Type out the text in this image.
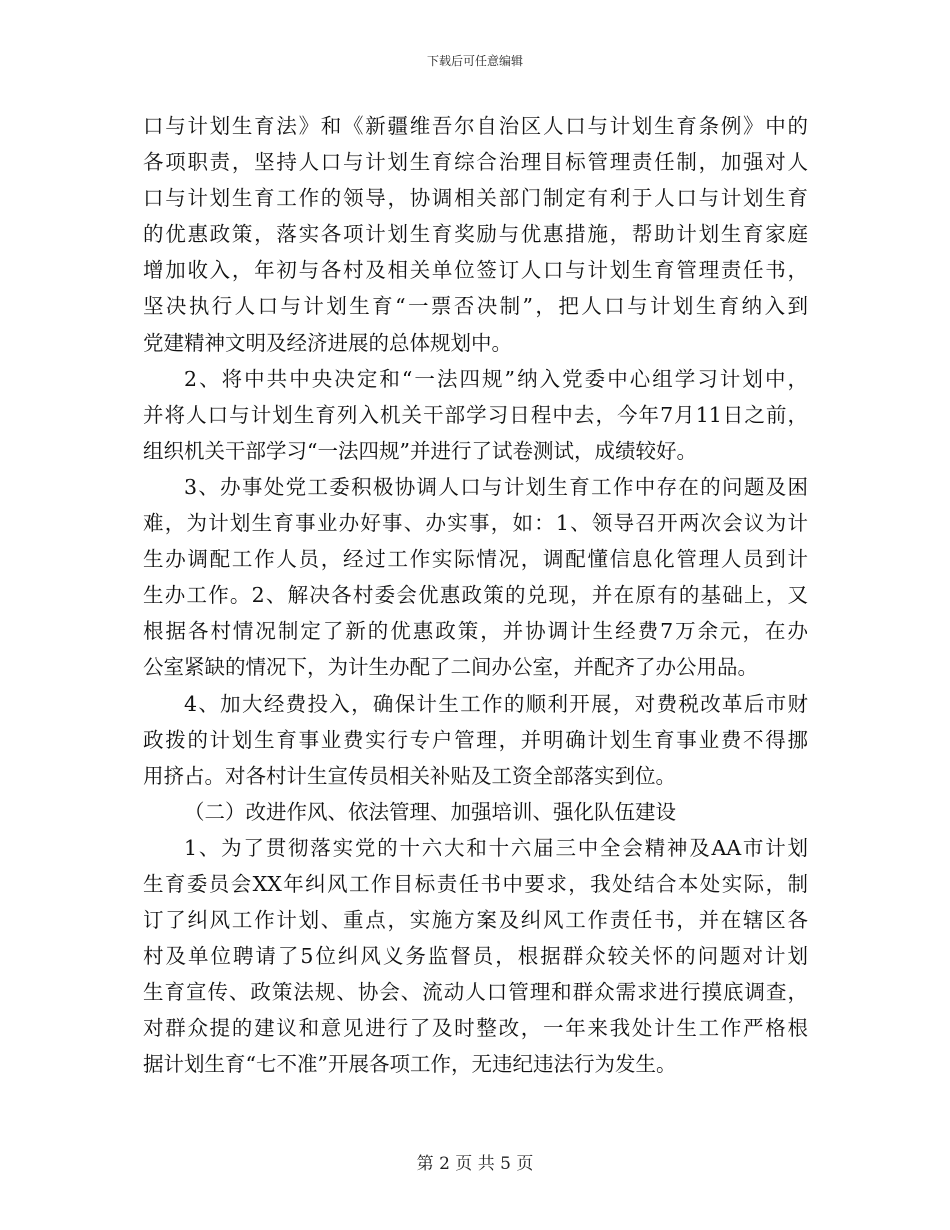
下载后可任意编辑
口与计划生育法》和《新疆维吾尔自治区人口与计划生育条例》中的
各项职责，坚持人口与计划生育综合治理目标管理责任制，加强对人
口与计划生育工作的领导，协调相关部门制定有利于人口与计划生育
的优惠政策，落实各项计划生育奖励与优惠措施，帮助计划生育家庭
增加收入，年初与各村及相关单位签订人口与计划生育管理责任书，
坚决执行人口与计划生育“一票否决制”，把人口与计划生育纳入到
党建精神文明及经济进展的总体规划中。
2、将中共中央决定和“一法四规”纳入党委中心组学习计划中，
并将人口与计划生育列入机关干部学习日程中去，今年7月11日之前，
组织机关干部学习“一法四规”并进行了试卷测试，成绩较好。
3、办事处党工委积极协调人口与计划生育工作中存在的问题及困
难，为计划生育事业办好事、办实事，如：1、领导召开两次会议为计
生办调配工作人员，经过工作实际情况，调配懂信息化管理人员到计
生办工作。2、解决各村委会优惠政策的兑现，并在原有的基础上，又
根据各村情况制定了新的优惠政策，并协调计生经费7万余元，在办
公室紧缺的情况下，为计生办配了二间办公室，并配齐了办公用品。
4、加大经费投入，确保计生工作的顺利开展，对费税改革后市财
政拨的计划生育事业费实行专户管理，并明确计划生育事业费不得挪
用挤占。对各村计生宣传员相关补贴及工资全部落实到位。
（二）改进作风、依法管理、加强培训、强化队伍建设
1、为了贯彻落实党的十六大和十六届三中全会精神及AA市计划
生育委员会XX年纠风工作目标责任书中要求，我处结合本处实际，制
订了纠风工作计划、重点，实施方案及纠风工作责任书，并在辖区各
村及单位聘请了5位纠风义务监督员，根据群众较关怀的问题对计划
生育宣传、政策法规、协会、流动人口管理和群众需求进行摸底调查，
对群众提的建议和意见进行了及时整改，一年来我处计生工作严格根
据计划生育“七不准”开展各项工作，无违纪违法行为发生。
第 2 页 共 5 页
